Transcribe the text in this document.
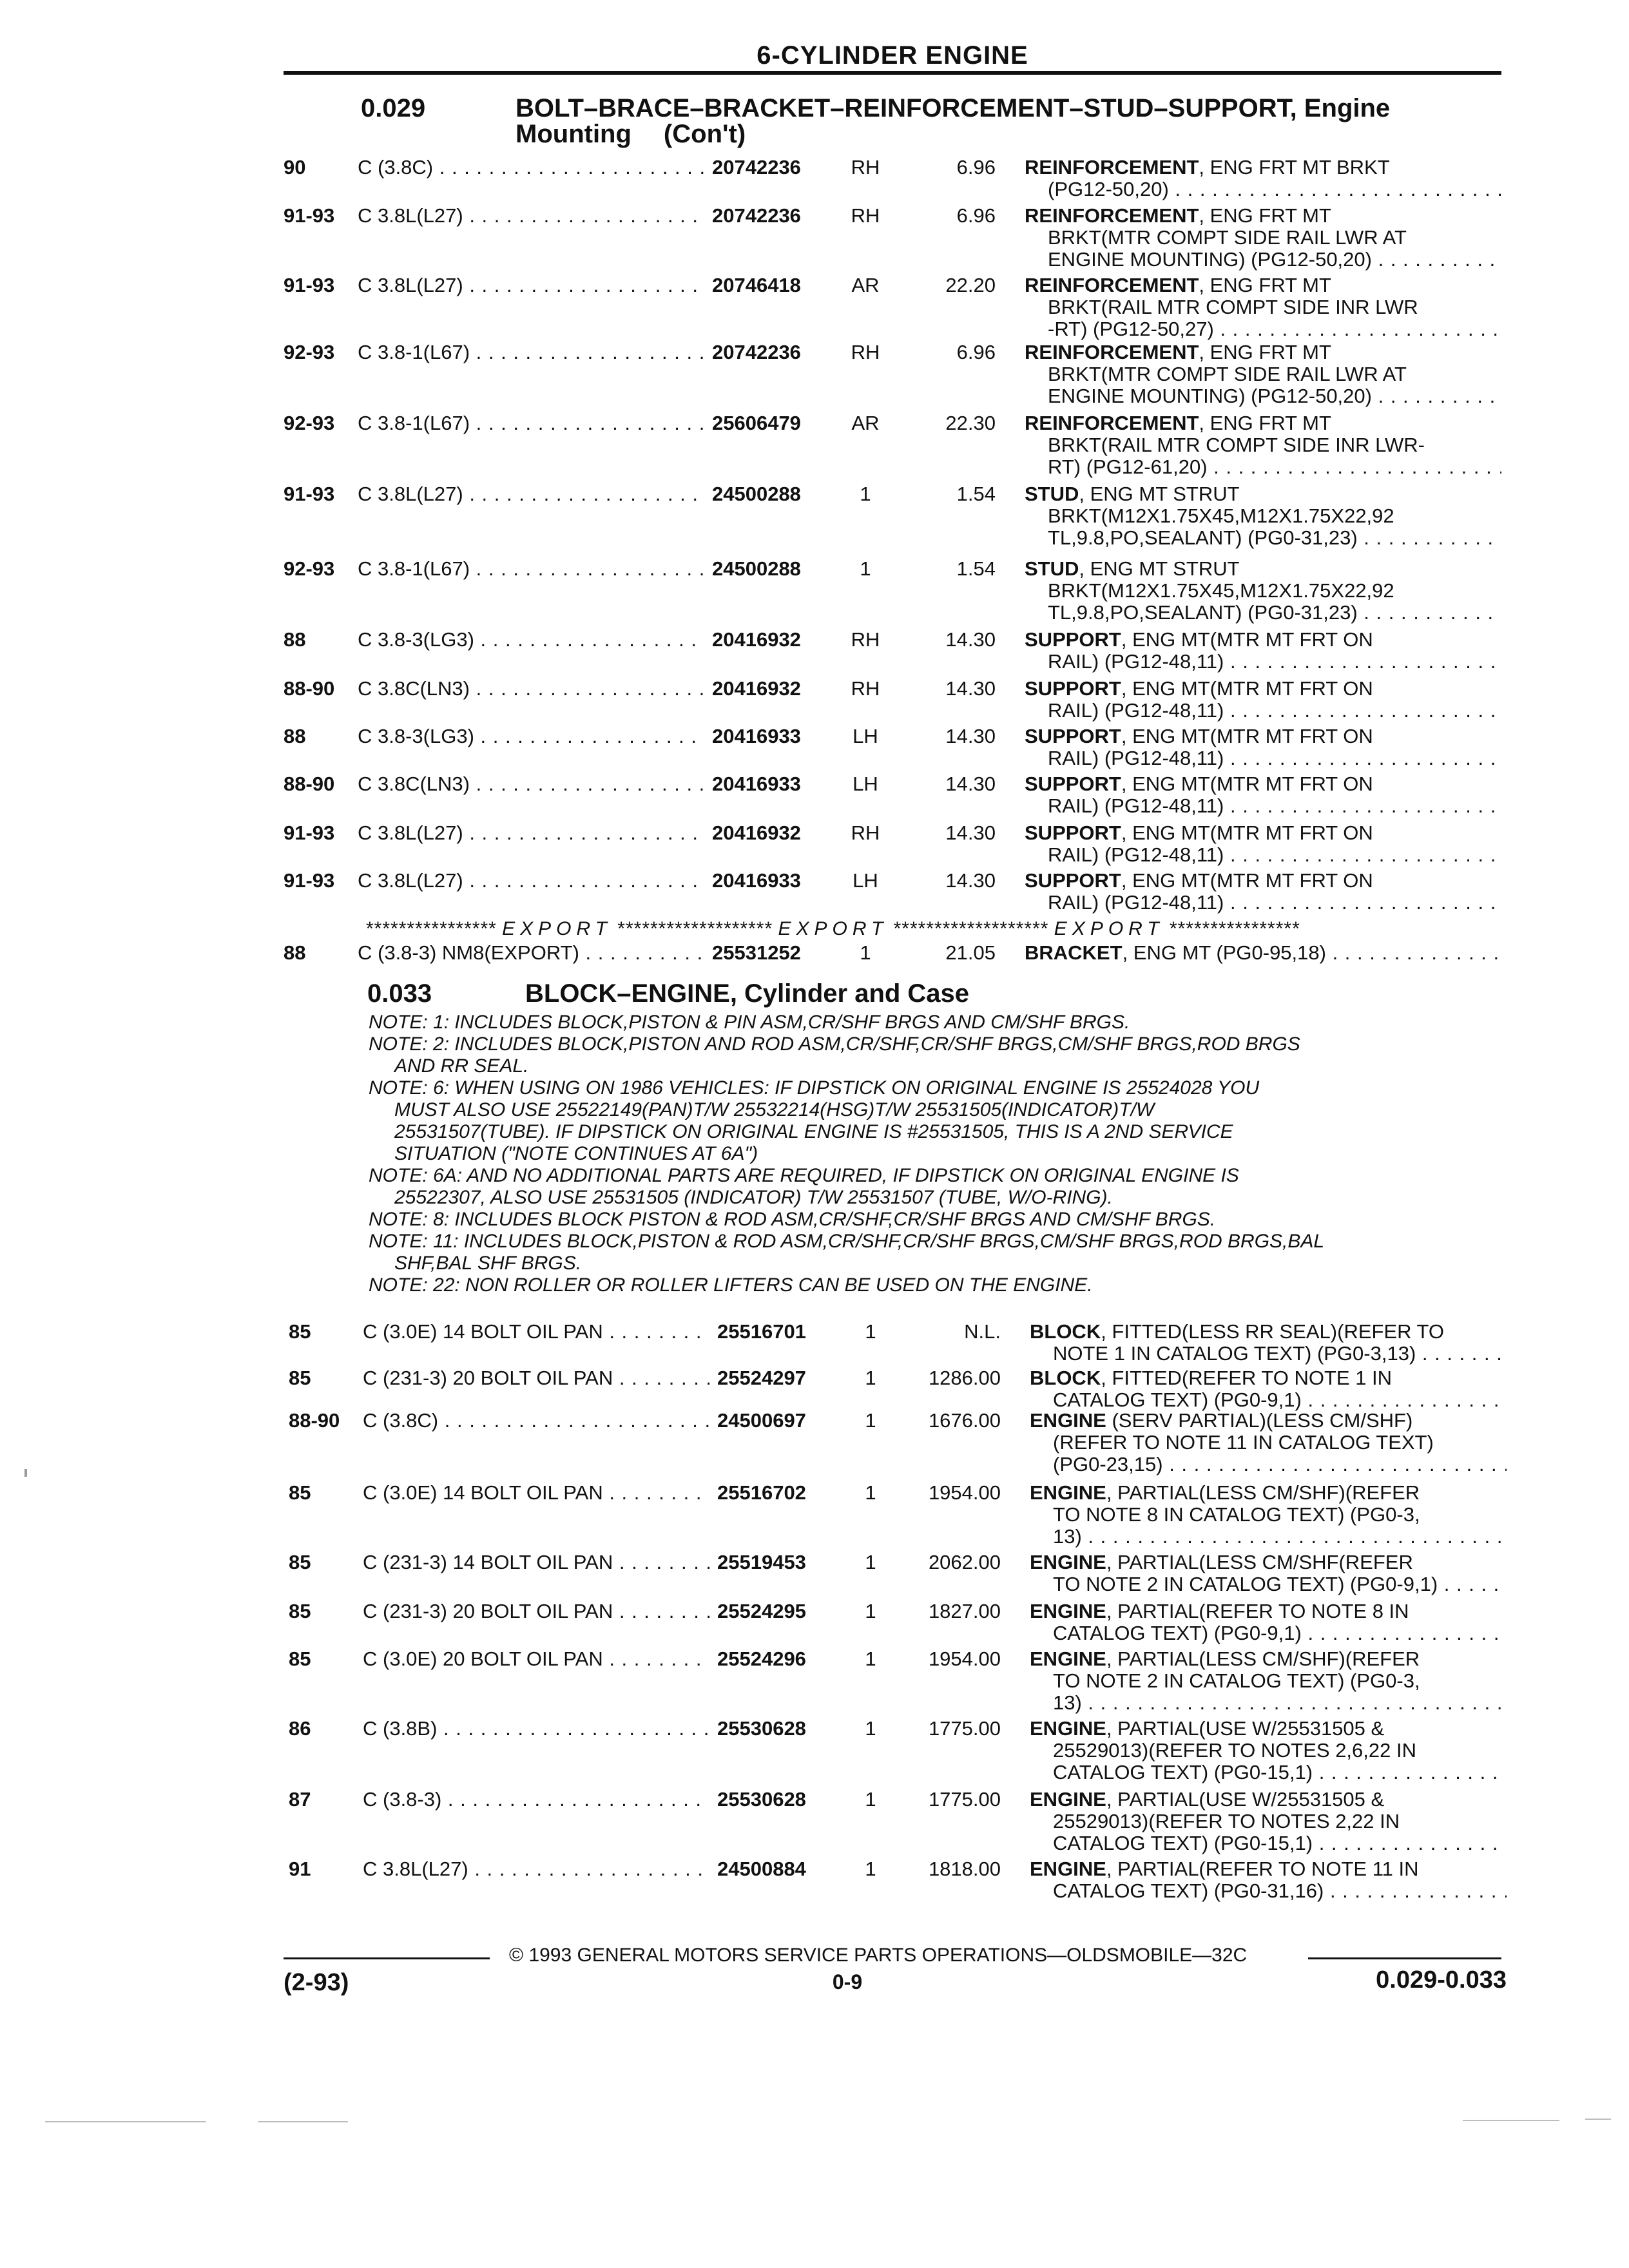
6-CYLINDER ENGINE
0.029	BOLT–BRACE–BRACKET–REINFORCEMENT–STUD–SUPPORT, Engine
Mounting (Con't)
90	C (3.8C) . . .	20742236	RH	6.96 REINFORCEMENT, ENG FRT MT BRKT
(PG12-50,20) . . .
91-93 C 3.8L(L27) . . .	20742236	RH	6.96 REINFORCEMENT, ENG FRT MT
BRKT(MTR COMPT SIDE RAIL LWR AT
ENGINE MOUNTING) (PG12-50,20) . . .
91-93 C 3.8L(L27) . . .	20746418	AR	22.20 REINFORCEMENT, ENG FRT MT
BRKT(RAIL MTR COMPT SIDE INR LWR
-RT) (PG12-50,27) . . .
92-93 C 3.8-1(L67) . . .	20742236	RH	6.96 REINFORCEMENT, ENG FRT MT
BRKT(MTR COMPT SIDE RAIL LWR AT
ENGINE MOUNTING) (PG12-50,20) . . .
92-93 C 3.8-1(L67) . . .	25606479	AR	22.30 REINFORCEMENT, ENG FRT MT
BRKT(RAIL MTR COMPT SIDE INR LWR-
RT) (PG12-61,20) . . .
91-93 C 3.8L(L27) . . .	24500288	1	1.54 STUD, ENG MT STRUT
BRKT(M12X1.75X45,M12X1.75X22,92
TL,9.8,PO,SEALANT) (PG0-31,23) . . .
92-93 C 3.8-1(L67) . . .	24500288	1	1.54 STUD, ENG MT STRUT
BRKT(M12X1.75X45,M12X1.75X22,92
TL,9.8,PO,SEALANT) (PG0-31,23) . . .
88	C 3.8-3(LG3) . . .	20416932	RH	14.30 SUPPORT, ENG MT(MTR MT FRT ON
RAIL) (PG12-48,11) . . .
88-90 C 3.8C(LN3) . . .	20416932	RH	14.30 SUPPORT, ENG MT(MTR MT FRT ON
RAIL) (PG12-48,11) . . .
88	C 3.8-3(LG3) . . .	20416933	LH	14.30 SUPPORT, ENG MT(MTR MT FRT ON
RAIL) (PG12-48,11) . . .
88-90 C 3.8C(LN3) . . .	20416933	LH	14.30 SUPPORT, ENG MT(MTR MT FRT ON
RAIL) (PG12-48,11) . . .
91-93 C 3.8L(L27) . . .	20416932	RH	14.30 SUPPORT, ENG MT(MTR MT FRT ON
RAIL) (PG12-48,11) . . .
91-93 C 3.8L(L27) . . .	20416933	LH	14.30 SUPPORT, ENG MT(MTR MT FRT ON
RAIL) (PG12-48,11) . . .
**************** EXPORT ******************* EXPORT ******************* EXPORT ****************
88	C (3.8-3) NM8(EXPORT) . . .	25531252	1	21.05 BRACKET, ENG MT (PG0-95,18) . . .
0.033	BLOCK–ENGINE, Cylinder and Case
NOTE: 1: INCLUDES BLOCK,PISTON & PIN ASM,CR/SHF BRGS AND CM/SHF BRGS.
NOTE: 2: INCLUDES BLOCK,PISTON AND ROD ASM,CR/SHF,CR/SHF BRGS,CM/SHF BRGS,ROD BRGS
AND RR SEAL.
NOTE: 6: WHEN USING ON 1986 VEHICLES: IF DIPSTICK ON ORIGINAL ENGINE IS 25524028 YOU
MUST ALSO USE 25522149(PAN)T/W 25532214(HSG)T/W 25531505(INDICATOR)T/W
25531507(TUBE). IF DIPSTICK ON ORIGINAL ENGINE IS #25531505, THIS IS A 2ND SERVICE
SITUATION ("NOTE CONTINUES AT 6A")
NOTE: 6A: AND NO ADDITIONAL PARTS ARE REQUIRED, IF DIPSTICK ON ORIGINAL ENGINE IS
25522307, ALSO USE 25531505 (INDICATOR) T/W 25531507 (TUBE, W/O-RING).
NOTE: 8: INCLUDES BLOCK PISTON & ROD ASM,CR/SHF,CR/SHF BRGS AND CM/SHF BRGS.
NOTE: 11: INCLUDES BLOCK,PISTON & ROD ASM,CR/SHF,CR/SHF BRGS,CM/SHF BRGS,ROD BRGS,BAL
SHF,BAL SHF BRGS.
NOTE: 22: NON ROLLER OR ROLLER LIFTERS CAN BE USED ON THE ENGINE.
85	C (3.0E) 14 BOLT OIL PAN . . .	25516701	1	N.L. BLOCK, FITTED(LESS RR SEAL)(REFER TO
NOTE 1 IN CATALOG TEXT) (PG0-3,13) . . .
85	C (231-3) 20 BOLT OIL PAN . . .	25524297	1	1286.00 BLOCK, FITTED(REFER TO NOTE 1 IN
CATALOG TEXT) (PG0-9,1) . . .
88-90 C (3.8C) . . .	24500697	1	1676.00 ENGINE (SERV PARTIAL)(LESS CM/SHF)
(REFER TO NOTE 11 IN CATALOG TEXT)
(PG0-23,15) . . .
85	C (3.0E) 14 BOLT OIL PAN . . .	25516702	1	1954.00 ENGINE, PARTIAL(LESS CM/SHF)(REFER
TO NOTE 8 IN CATALOG TEXT) (PG0-3,
13) . . .
85	C (231-3) 14 BOLT OIL PAN . . .	25519453	1	2062.00 ENGINE, PARTIAL(LESS CM/SHF(REFER
TO NOTE 2 IN CATALOG TEXT) (PG0-9,1) . . .
85	C (231-3) 20 BOLT OIL PAN . . .	25524295	1	1827.00 ENGINE, PARTIAL(REFER TO NOTE 8 IN
CATALOG TEXT) (PG0-9,1) . . .
85	C (3.0E) 20 BOLT OIL PAN . . .	25524296	1	1954.00 ENGINE, PARTIAL(LESS CM/SHF)(REFER
TO NOTE 2 IN CATALOG TEXT) (PG0-3,
13) . . .
86	C (3.8B) . . .	25530628	1	1775.00 ENGINE, PARTIAL(USE W/25531505 &
25529013)(REFER TO NOTES 2,6,22 IN
CATALOG TEXT) (PG0-15,1) . . .
87	C (3.8-3) . . .	25530628	1	1775.00 ENGINE, PARTIAL(USE W/25531505 &
25529013)(REFER TO NOTES 2,22 IN
CATALOG TEXT) (PG0-15,1) . . .
91	C 3.8L(L27) . . .	24500884	1	1818.00 ENGINE, PARTIAL(REFER TO NOTE 11 IN
CATALOG TEXT) (PG0-31,16) . . .
© 1993 GENERAL MOTORS SERVICE PARTS OPERATIONS—OLDSMOBILE—32C
(2-93)	0-9	0.029-0.033
